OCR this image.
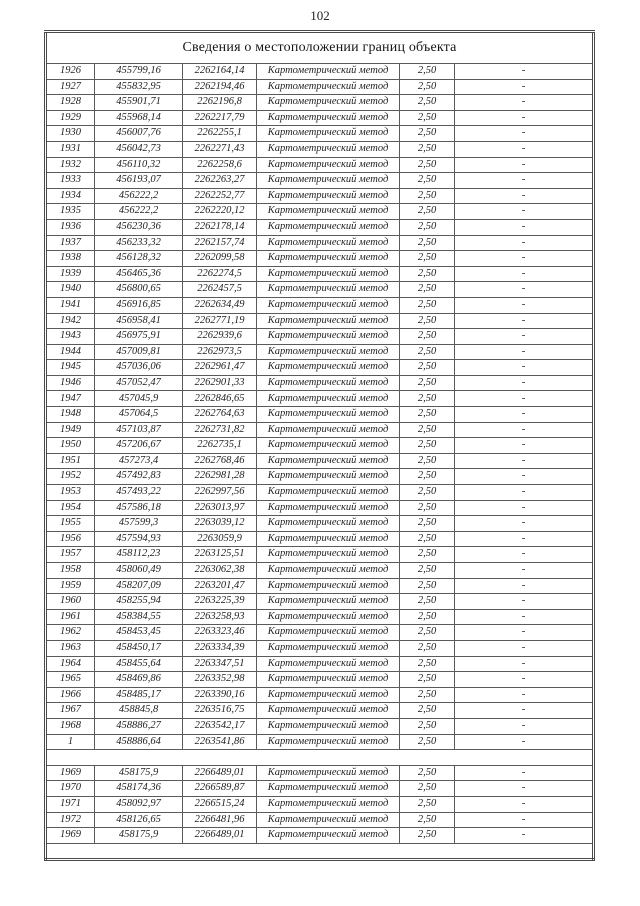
102
Сведения о местоположении границ объекта					
1926	455799,16	2262164,14	Картометрический метод	2,50	-
1927	455832,95	2262194,46	Картометрический метод	2,50	-
1928	455901,71	2262196,8	Картометрический метод	2,50	-
1929	455968,14	2262217,79	Картометрический метод	2,50	-
1930	456007,76	2262255,1	Картометрический метод	2,50	-
1931	456042,73	2262271,43	Картометрический метод	2,50	-
1932	456110,32	2262258,6	Картометрический метод	2,50	-
1933	456193,07	2262263,27	Картометрический метод	2,50	-
1934	456222,2	2262252,77	Картометрический метод	2,50	-
1935	456222,2	2262220,12	Картометрический метод	2,50	-
1936	456230,36	2262178,14	Картометрический метод	2,50	-
1937	456233,32	2262157,74	Картометрический метод	2,50	-
1938	456128,32	2262099,58	Картометрический метод	2,50	-
1939	456465,36	2262274,5	Картометрический метод	2,50	-
1940	456800,65	2262457,5	Картометрический метод	2,50	-
1941	456916,85	2262634,49	Картометрический метод	2,50	-
1942	456958,41	2262771,19	Картометрический метод	2,50	-
1943	456975,91	2262939,6	Картометрический метод	2,50	-
1944	457009,81	2262973,5	Картометрический метод	2,50	-
1945	457036,06	2262961,47	Картометрический метод	2,50	-
1946	457052,47	2262901,33	Картометрический метод	2,50	-
1947	457045,9	2262846,65	Картометрический метод	2,50	-
1948	457064,5	2262764,63	Картометрический метод	2,50	-
1949	457103,87	2262731,82	Картометрический метод	2,50	-
1950	457206,67	2262735,1	Картометрический метод	2,50	-
1951	457273,4	2262768,46	Картометрический метод	2,50	-
1952	457492,83	2262981,28	Картометрический метод	2,50	-
1953	457493,22	2262997,56	Картометрический метод	2,50	-
1954	457586,18	2263013,97	Картометрический метод	2,50	-
1955	457599,3	2263039,12	Картометрический метод	2,50	-
1956	457594,93	2263059,9	Картометрический метод	2,50	-
1957	458112,23	2263125,51	Картометрический метод	2,50	-
1958	458060,49	2263062,38	Картометрический метод	2,50	-
1959	458207,09	2263201,47	Картометрический метод	2,50	-
1960	458255,94	2263225,39	Картометрический метод	2,50	-
1961	458384,55	2263258,93	Картометрический метод	2,50	-
1962	458453,45	2263323,46	Картометрический метод	2,50	-
1963	458450,17	2263334,39	Картометрический метод	2,50	-
1964	458455,64	2263347,51	Картометрический метод	2,50	-
1965	458469,86	2263352,98	Картометрический метод	2,50	-
1966	458485,17	2263390,16	Картометрический метод	2,50	-
1967	458845,8	2263516,75	Картометрический метод	2,50	-
1968	458886,27	2263542,17	Картометрический метод	2,50	-
1	458886,64	2263541,86	Картометрический метод	2,50	-

1969	458175,9	2266489,01	Картометрический метод	2,50	-
1970	458174,36	2266589,87	Картометрический метод	2,50	-
1971	458092,97	2266515,24	Картометрический метод	2,50	-
1972	458126,65	2266481,96	Картометрический метод	2,50	-
1969	458175,9	2266489,01	Картометрический метод	2,50	-
